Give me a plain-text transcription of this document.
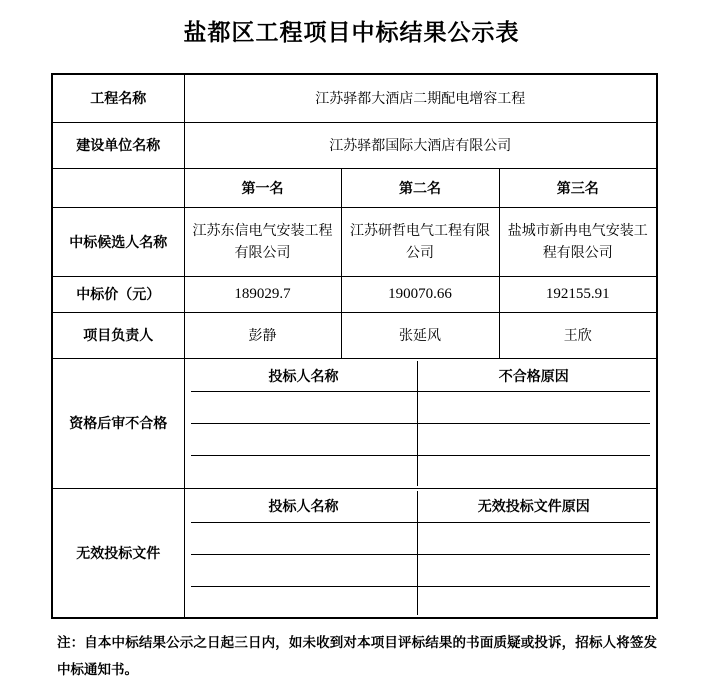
盐都区工程项目中标结果公示表
工程名称	江苏驿都大酒店二期配电增容工程		
建设单位名称	江苏驿都国际大酒店有限公司		
	第一名	第二名	第三名
中标候选人名称	江苏东信电气安装工程有限公司	江苏研哲电气工程有限公司	盐城市新冉电气安装工程有限公司
中标价（元）	189029.7	190070.66	192155.91
项目负责人	彭静	张延风	王欣
资格后审不合格	投标人名称 不合格原因		

无效投标文件	投标人名称 无效投标文件原因		
注：自本中标结果公示之日起三日内，如未收到对本项目评标结果的书面质疑或投诉，招标人将签发中标通知书。
